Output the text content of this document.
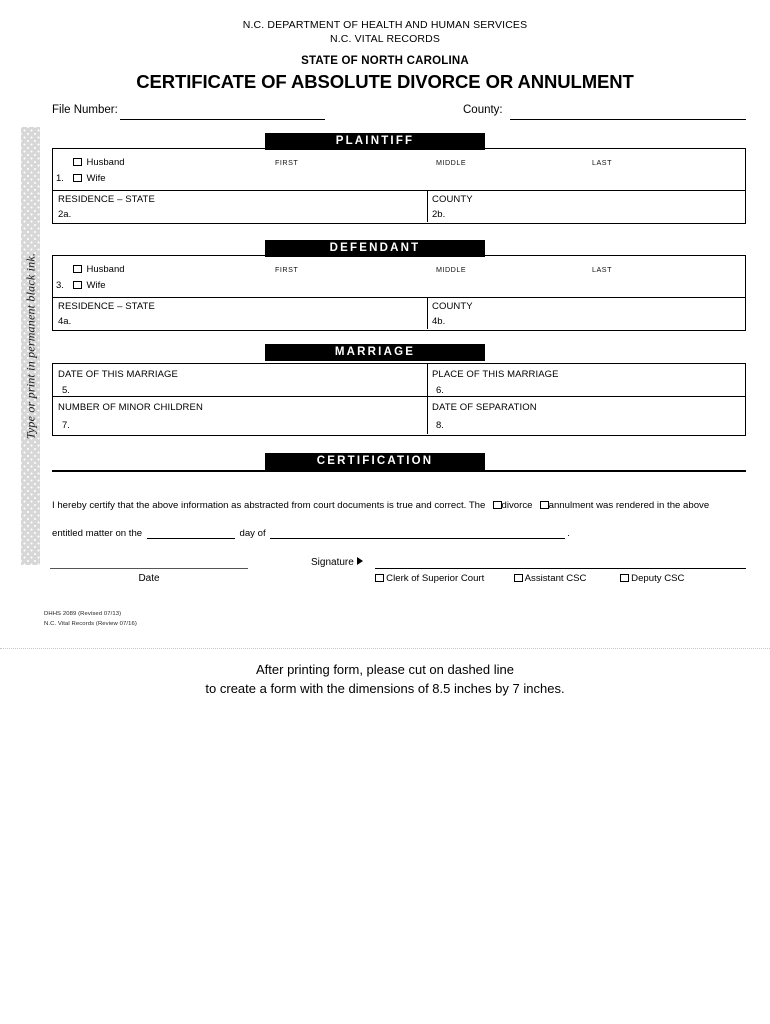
N.C. DEPARTMENT OF HEALTH AND HUMAN SERVICES
N.C. VITAL RECORDS
STATE OF NORTH CAROLINA
CERTIFICATE OF ABSOLUTE DIVORCE OR ANNULMENT
File Number:	County:
Type or print in permanent black ink.
PLAINTIFF
Husband
1.	Wife
FIRST	MIDDLE	LAST
RESIDENCE – STATE
2a.
COUNTY
2b.
DEFENDANT
Husband
3.	Wife
FIRST	MIDDLE	LAST
RESIDENCE – STATE
4a.
COUNTY
4b.
MARRIAGE
DATE OF THIS MARRIAGE
5.
PLACE OF THIS MARRIAGE
6.
NUMBER OF MINOR CHILDREN
7.
DATE OF SEPARATION
8.
CERTIFICATION
I hereby certify that the above information as abstracted from court documents is true and correct. The divorce annulment was rendered in the above
entitled matter on the	day of	.
Date
Signature
Clerk of Superior Court	Assistant CSC	Deputy CSC
DHHS 2089 (Revised 07/13)
N.C. Vital Records (Review 07/16)
After printing form, please cut on dashed line
to create a form with the dimensions of 8.5 inches by 7 inches.
